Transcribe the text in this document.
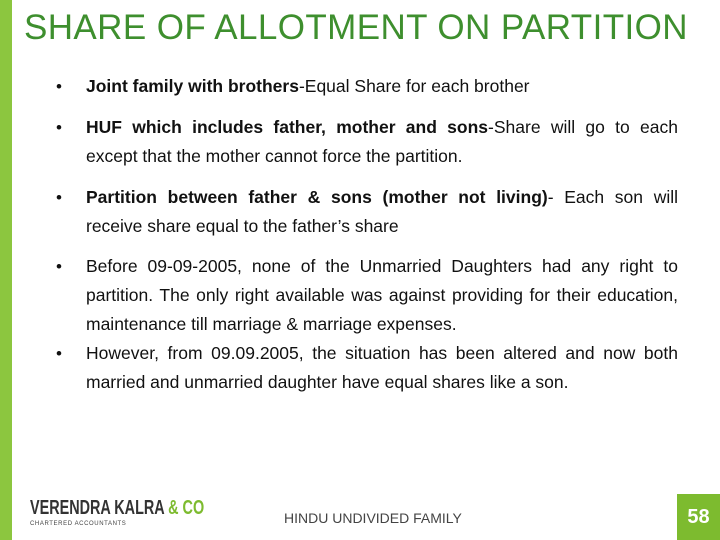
SHARE OF ALLOTMENT ON PARTITION
• Joint family with brothers-Equal Share for each brother
• HUF which includes father, mother and sons-Share will go to each except that the mother cannot force the partition.
• Partition between father & sons (mother not living)- Each son will receive share equal to the father’s share
• Before 09-09-2005, none of the Unmarried Daughters had any right to partition. The only right available was against providing for their education, maintenance till marriage & marriage expenses.
• However, from 09.09.2005, the situation has been altered and now both married and unmarried daughter have equal shares like a son.
VERENDRA KALRA & CO
CHARTERED ACCOUNTANTS	HINDU UNDIVIDED FAMILY	58
